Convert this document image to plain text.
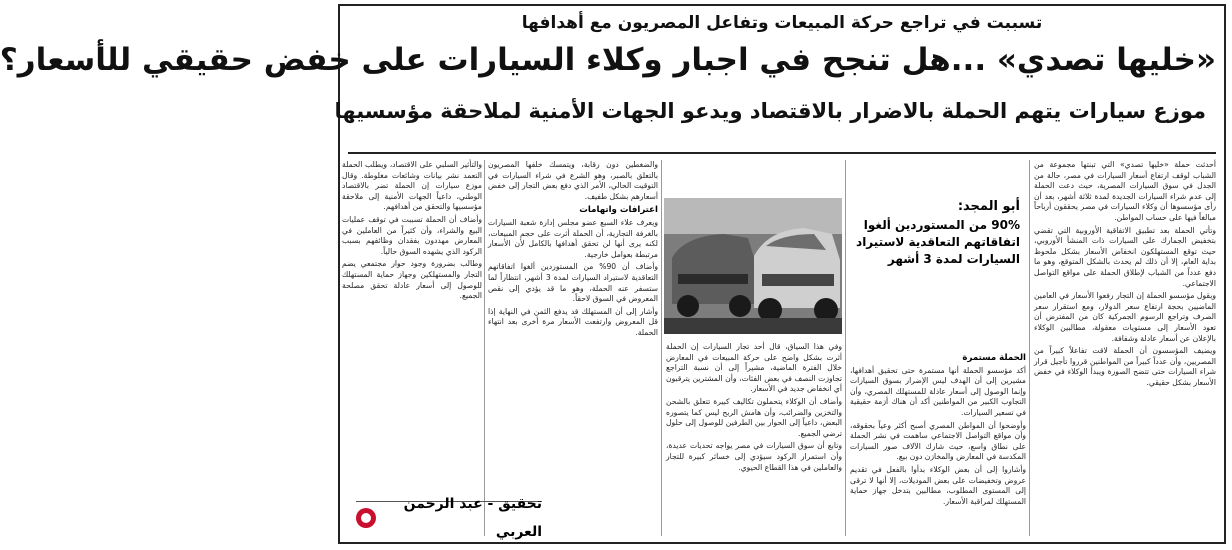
تسببت في تراجع حركة المبيعات وتفاعل المصريون مع أهدافها
«خليها تصدي» ...هل تنجح في اجبار وكلاء السيارات على خفض حقيقي للأسعار؟
موزع سيارات يتهم الحملة بالاضرار بالاقتصاد ويدعو الجهات الأمنية لملاحقة مؤسسيها

أحدثت حملة «خليها تصدي» التي تبنتها مجموعة من الشباب لوقف ارتفاع أسعار السيارات في مصر، حالة من الجدل في سوق السيارات المصرية، حيث دعت الحملة إلى عدم شراء السيارات الجديدة لمدة ثلاثة أشهر، بعد أن رأى مؤسسوها أن وكلاء السيارات في مصر يحققون أرباحاً مبالغاً فيها على حساب المواطن.

وتأتي الحملة بعد تطبيق الاتفاقية الأوروبية التي تقضي بتخفيض الجمارك على السيارات ذات المنشأ الأوروبي، حيث توقع المستهلكون انخفاض الأسعار بشكل ملحوظ بداية العام، إلا أن ذلك لم يحدث بالشكل المتوقع، وهو ما دفع عدداً من الشباب لإطلاق الحملة على مواقع التواصل الاجتماعي.

ويقول مؤسسو الحملة إن التجار رفعوا الأسعار في العامين الماضيين بحجة ارتفاع سعر الدولار، ومع استقرار سعر الصرف وتراجع الرسوم الجمركية كان من المفترض أن تعود الأسعار إلى مستويات معقولة، مطالبين الوكلاء بالإعلان عن أسعار عادلة وشفافة.

ويضيف المؤسسون أن الحملة لاقت تفاعلاً كبيراً من المصريين، وأن عدداً كبيراً من المواطنين قرروا تأجيل قرار شراء السيارات حتى تتضح الصورة ويبدأ الوكلاء في خفض الأسعار بشكل حقيقي.

الحملة مستمرة

أكد مؤسسو الحملة أنها مستمرة حتى تحقيق أهدافها، مشيرين إلى أن الهدف ليس الإضرار بسوق السيارات وإنما الوصول إلى أسعار عادلة للمستهلك المصري، وأن التجاوب الكبير من المواطنين أكد أن هناك أزمة حقيقية في تسعير السيارات.

وأوضحوا أن المواطن المصري أصبح أكثر وعياً بحقوقه، وأن مواقع التواصل الاجتماعي ساهمت في نشر الحملة على نطاق واسع، حيث شارك الآلاف صور السيارات المكدسة في المعارض والمخازن دون بيع.

وأشاروا إلى أن بعض الوكلاء بدأوا بالفعل في تقديم عروض وتخفيضات على بعض الموديلات، إلا أنها لا ترقى إلى المستوى المطلوب، مطالبين بتدخل جهاز حماية المستهلك لمراقبة الأسعار.

أبو المجد:
90% من المستوردين ألغوا اتفاقاتهم التعاقدية لاستيراد السيارات لمدة 3 أشهر

وفي هذا السياق، قال أحد تجار السيارات إن الحملة أثرت بشكل واضح على حركة المبيعات في المعارض خلال الفترة الماضية، مشيراً إلى أن نسبة التراجع تجاوزت النصف في بعض الفئات، وأن المشترين يترقبون أي انخفاض جديد في الأسعار.

وأضاف أن الوكلاء يتحملون تكاليف كبيرة تتعلق بالشحن والتخزين والضرائب، وأن هامش الربح ليس كما يتصوره البعض، داعياً إلى الحوار بين الطرفين للوصول إلى حلول ترضي الجميع.

وتابع أن سوق السيارات في مصر يواجه تحديات عديدة، وأن استمرار الركود سيؤدي إلى خسائر كبيرة للتجار والعاملين في هذا القطاع الحيوي.

والضغطين دون رقابة، ويتمسك خلفها المصريون بالتعلق بالصبر، وهو الشرع في شراء السيارات في التوقيت الحالي، الأمر الذي دفع بعض التجار إلى خفض أسعارهم بشكل طفيف.

اعترافات واتهامات

ويعرف علاء السبع عضو مجلس إدارة شعبة السيارات بالغرفة التجارية، أن الحملة أثرت على حجم المبيعات، لكنه يرى أنها لن تحقق أهدافها بالكامل لأن الأسعار مرتبطة بعوامل خارجية.

وأضاف أن 90% من المستوردين ألغوا اتفاقاتهم التعاقدية لاستيراد السيارات لمدة 3 أشهر، انتظاراً لما ستسفر عنه الحملة، وهو ما قد يؤدي إلى نقص المعروض في السوق لاحقاً.

وأشار إلى أن المستهلك قد يدفع الثمن في النهاية إذا قل المعروض وارتفعت الأسعار مرة أخرى بعد انتهاء الحملة.

والتأثير السلبي على الاقتصاد، ويطلب الحملة التعمد نشر بيانات وشائعات مغلوطة. وقال موزع سيارات إن الحملة تضر بالاقتصاد الوطني، داعياً الجهات الأمنية إلى ملاحقة مؤسسيها والتحقق من أهدافهم.

وأضاف أن الحملة تسببت في توقف عمليات البيع والشراء، وأن كثيراً من العاملين في المعارض مهددون بفقدان وظائفهم بسبب الركود الذي يشهده السوق حالياً.

وطالب بضرورة وجود حوار مجتمعي يضم التجار والمستهلكين وجهاز حماية المستهلك للوصول إلى أسعار عادلة تحقق مصلحة الجميع.

تحقيق - عبد الرحمن العربي
